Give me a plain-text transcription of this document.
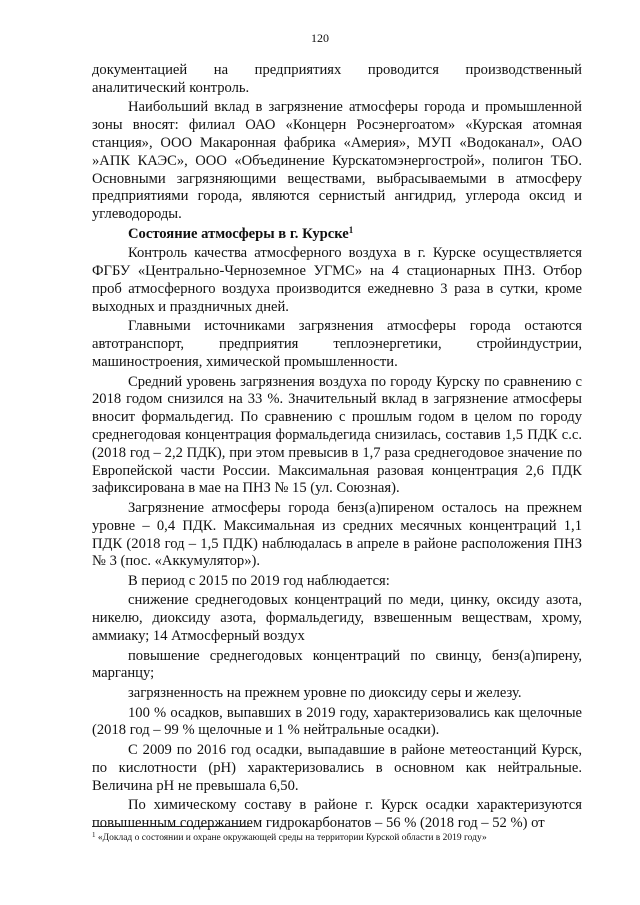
120

документацией на предприятиях проводится производственный аналитический контроль.

Наибольший вклад в загрязнение атмосферы города и промышленной зоны вносят: филиал ОАО «Концерн Росэнергоатом» «Курская атомная станция», ООО Макаронная фабрика «Америя», МУП «Водоканал», ОАО »АПК КАЭС», ООО «Объединение Курскатомэнергострой», полигон ТБО. Основными загрязняющими веществами, выбрасываемыми в атмосферу предприятиями города, являются сернистый ангидрид, углерода оксид и углеводороды.

Состояние атмосферы в г. Курске$^1$

Контроль качества атмосферного воздуха в г. Курске осуществляется ФГБУ «Центрально-Черноземное УГМС» на 4 стационарных ПНЗ. Отбор проб атмосферного воздуха производится ежедневно 3 раза в сутки, кроме выходных и праздничных дней.

Главными источниками загрязнения атмосферы города остаются автотранспорт, предприятия теплоэнергетики, стройиндустрии, машиностроения, химической промышленности.

Средний уровень загрязнения воздуха по городу Курску по сравнению с 2018 годом снизился на 33 %. Значительный вклад в загрязнение атмосферы вносит формальдегид. По сравнению с прошлым годом в целом по городу среднегодовая концентрация формальдегида снизилась, составив 1,5 ПДК с.с. (2018 год – 2,2 ПДК), при этом превысив в 1,7 раза среднегодовое значение по Европейской части России. Максимальная разовая концентрация 2,6 ПДК зафиксирована в мае на ПНЗ № 15 (ул. Союзная).

Загрязнение атмосферы города бенз(а)пиреном осталось на прежнем уровне – 0,4 ПДК. Максимальная из средних месячных концентраций 1,1 ПДК (2018 год – 1,5 ПДК) наблюдалась в апреле в районе расположения ПНЗ № 3 (пос. «Аккумулятор»).

В период с 2015 по 2019 год наблюдается:

снижение среднегодовых концентраций по меди, цинку, оксиду азота, никелю, диоксиду азота, формальдегиду, взвешенным веществам, хрому, аммиаку; 14 Атмосферный воздух

повышение среднегодовых концентраций по свинцу, бенз(а)пирену, марганцу;

загрязненность на прежнем уровне по диоксиду серы и железу.

100 % осадков, выпавших в 2019 году, характеризовались как щелочные (2018 год – 99 % щелочные и 1 % нейтральные осадки).

С 2009 по 2016 год осадки, выпадавшие в районе метеостанций Курск, по кислотности (рН) характеризовались в основном как нейтральные. Величина рН не превышала 6,50.

По химическому составу в районе г. Курск осадки характеризуются повышенным содержанием гидрокарбонатов – 56 % (2018 год – 52 %) от

$^1$ «Доклад о состоянии и охране окружающей среды на территории Курской области в 2019 году»
